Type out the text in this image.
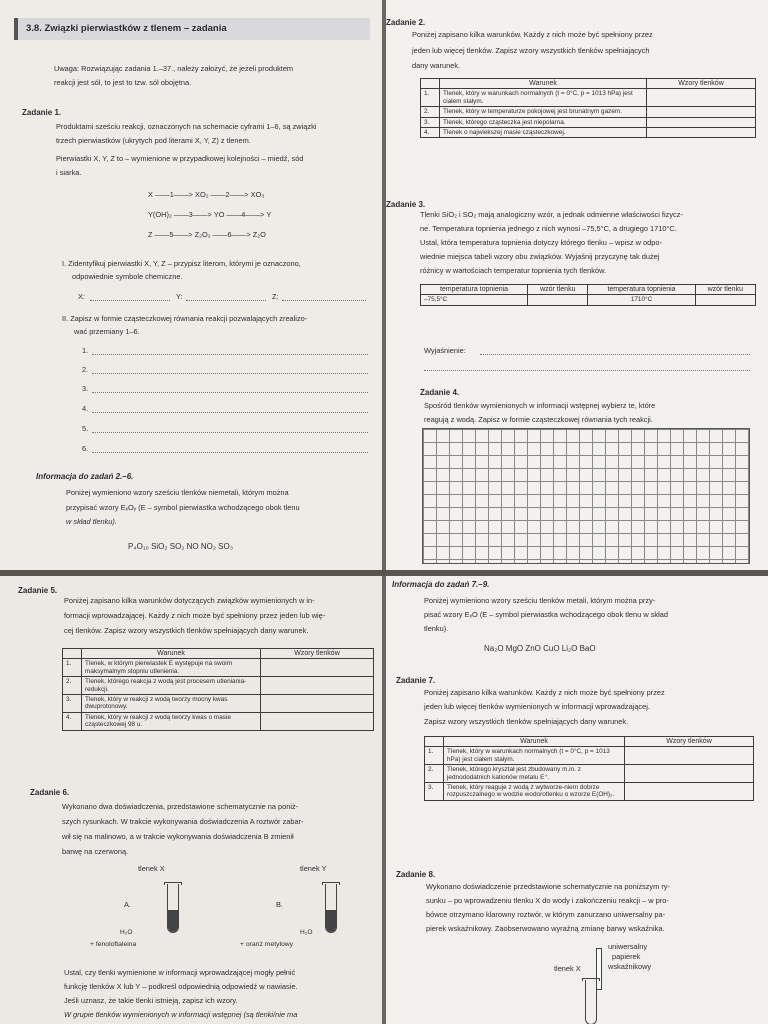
3.8. Związki pierwiastków z tlenem – zadania
Uwaga: Rozwiązując zadania 1.–37., należy założyć, że jeżeli produktem
reakcji jest sól, to jest to tzw. sól obojętna.
Zadanie 1.
Produktami sześciu reakcji, oznaczonych na schemacie cyframi 1–6, są związki
trzech pierwiastków (ukrytych pod literami X, Y, Z) z tlenem.
Pierwiastki X, Y, Z to – wymienione w przypadkowej kolejności – miedź, sód
i siarka.
X ——1——> XO₂ ——2——> XO₃
Y(OH)₂ ——3——> YO ——4——> Y
Z ——5——> Z₂O₂ ——6——> Z₂O
I. Zidentyfikuj pierwiastki X, Y, Z – przypisz literom, którymi je oznaczono,
odpowiednie symbole chemiczne.
X:	Y:	Z:
II. Zapisz w formie cząsteczkowej równania reakcji pozwalających zrealizo-
wać przemiany 1–6.
1.
2.
3.
4.
5.
6.
Informacja do zadań 2.–6.
Poniżej wymieniono wzory sześciu tlenków niemetali, którym można
przypisać wzory EₓOᵧ (E – symbol pierwiastka wchodzącego obok tlenu
w skład tlenku).
P₄O₁₀ SiO₂ SO₂ NO NO₂ SO₃
Zadanie 2.
Poniżej zapisano kilka warunków. Każdy z nich może być spełniony przez
jeden lub więcej tlenków. Zapisz wzory wszystkich tlenków spełniających
dany warunek.
	Warunek	Wzory tlenków
1.	Tlenek, który w warunkach normalnych (t = 0°C, p = 1013 hPa) jest ciałem stałym.	
2.	Tlenek, który w temperaturze pokojowej jest brunatnym gazem.	
3.	Tlenek, którego cząsteczka jest niepolarna.	
4.	Tlenek o najwiekszej masie cząsteczkowej.	
Zadanie 3.
Tlenki SiO₂ i SO₂ mają analogiczny wzór, a jednak odmienne właściwości fizycz-
ne. Temperatura topnienia jednego z nich wynosi –75,5°C, a drugiego 1710°C.
Ustal, która temperatura topnienia dotyczy którego tlenku – wpisz w odpo-
wiednie miejsca tabeli wzory obu związków. Wyjaśnij przyczynę tak dużej
różnicy w wartościach temperatur topnienia tych tlenków.
temperatura topnienia	wzór tlenku	temperatura topnienia	wzór tlenku
–75,5°C		1710°C	
Wyjaśnienie:
Zadanie 4.
Spośród tlenków wymienionych w informacji wstępnej wybierz te, które
reagują z wodą. Zapisz w formie cząsteczkowej równania tych reakcji.
Zadanie 5.
Poniżej zapisano kilka warunków dotyczących związków wymienionych w in-
formacji wprowadzającej. Każdy z nich może być spełniony przez jeden lub wię-
cej tlenków. Zapisz wzory wszystkich tlenków spełniających dany warunek.
	Warunek	Wzory tlenków
1.	Tlenek, w którym pierwiastek E występuje na swoim maksymalnym stopniu utlenienia.	
2.	Tlenek, którego reakcja z wodą jest procesem utleniania-redukcji.	
3.	Tlenek, który w reakcji z wodą tworzy mocny kwas dwuprotonowy.	
4.	Tlenek, który w reakcji z wodą tworzy kwas o masie cząsteczkowej 98 u.	
Zadanie 6.
Wykonano dwa doświadczenia, przedstawione schematycznie na poniż-
szych rysunkach. W trakcie wykonywania doświadczenia A roztwór zabar-
wił się na malinowo, a w trakcie wykonywania doświadczenia B zmienił
barwę na czerwoną.
tlenek X
A.
H₂O
+ fenoloftaleina
tlenek Y
B.
H₂O
+ oranż metylowy
Ustal, czy tlenki wymienione w informacji wprowadzającej mogły pełnić
funkcję tlenków X lub Y – podkreśl odpowiednią odpowiedź w nawiasie.
Jeśli uznasz, że takie tlenki istnieją, zapisz ich wzory.
W grupie tlenków wymienionych w informacji wstępnej (są tlenki/nie ma
Informacja do zadań 7.–9.
Poniżej wymieniono wzory sześciu tlenków metali, którym można przy-
pisać wzory EₓO (E – symbol pierwiastka wchodzącego obok tlenu w skład
tlenku).
Na₂O MgO ZnO CuO Li₂O BaO
Zadanie 7.
Poniżej zapisano kilka warunków. Każdy z nich może być spełniony przez
jeden lub więcej tlenków wymienionych w informacji wprowadzającej.
Zapisz wzory wszystkich tlenków spełniających dany warunek.
	Warunek	Wzory tlenków
1.	Tlenek, który w warunkach normalnych (t = 0°C, p = 1013 hPa) jest ciałem stałym.	
2.	Tlenek, którego kryształ jest zbudowany m.in. z jednododatnich kationów metalu E⁺.	
3.	Tlenek, który reaguje z wodą z wytworze-niem dobrze rozpuszczalnego w wodzie wodorotlenku o wzorze E(OH)₂.	
Zadanie 8.
Wykonano doświadczenie przedstawione schematycznie na poniższym ry-
sunku – po wprowadzeniu tlenku X do wody i zakończeniu reakcji – w pro-
bówce otrzymano klarowny roztwór, w którym zanurzano uniwersalny pa-
pierek wskaźnikowy. Zaobserwowano wyraźną zmianę barwy wskaźnika.
uniwersalny
papierek
wskaźnikowy
tlenek X
